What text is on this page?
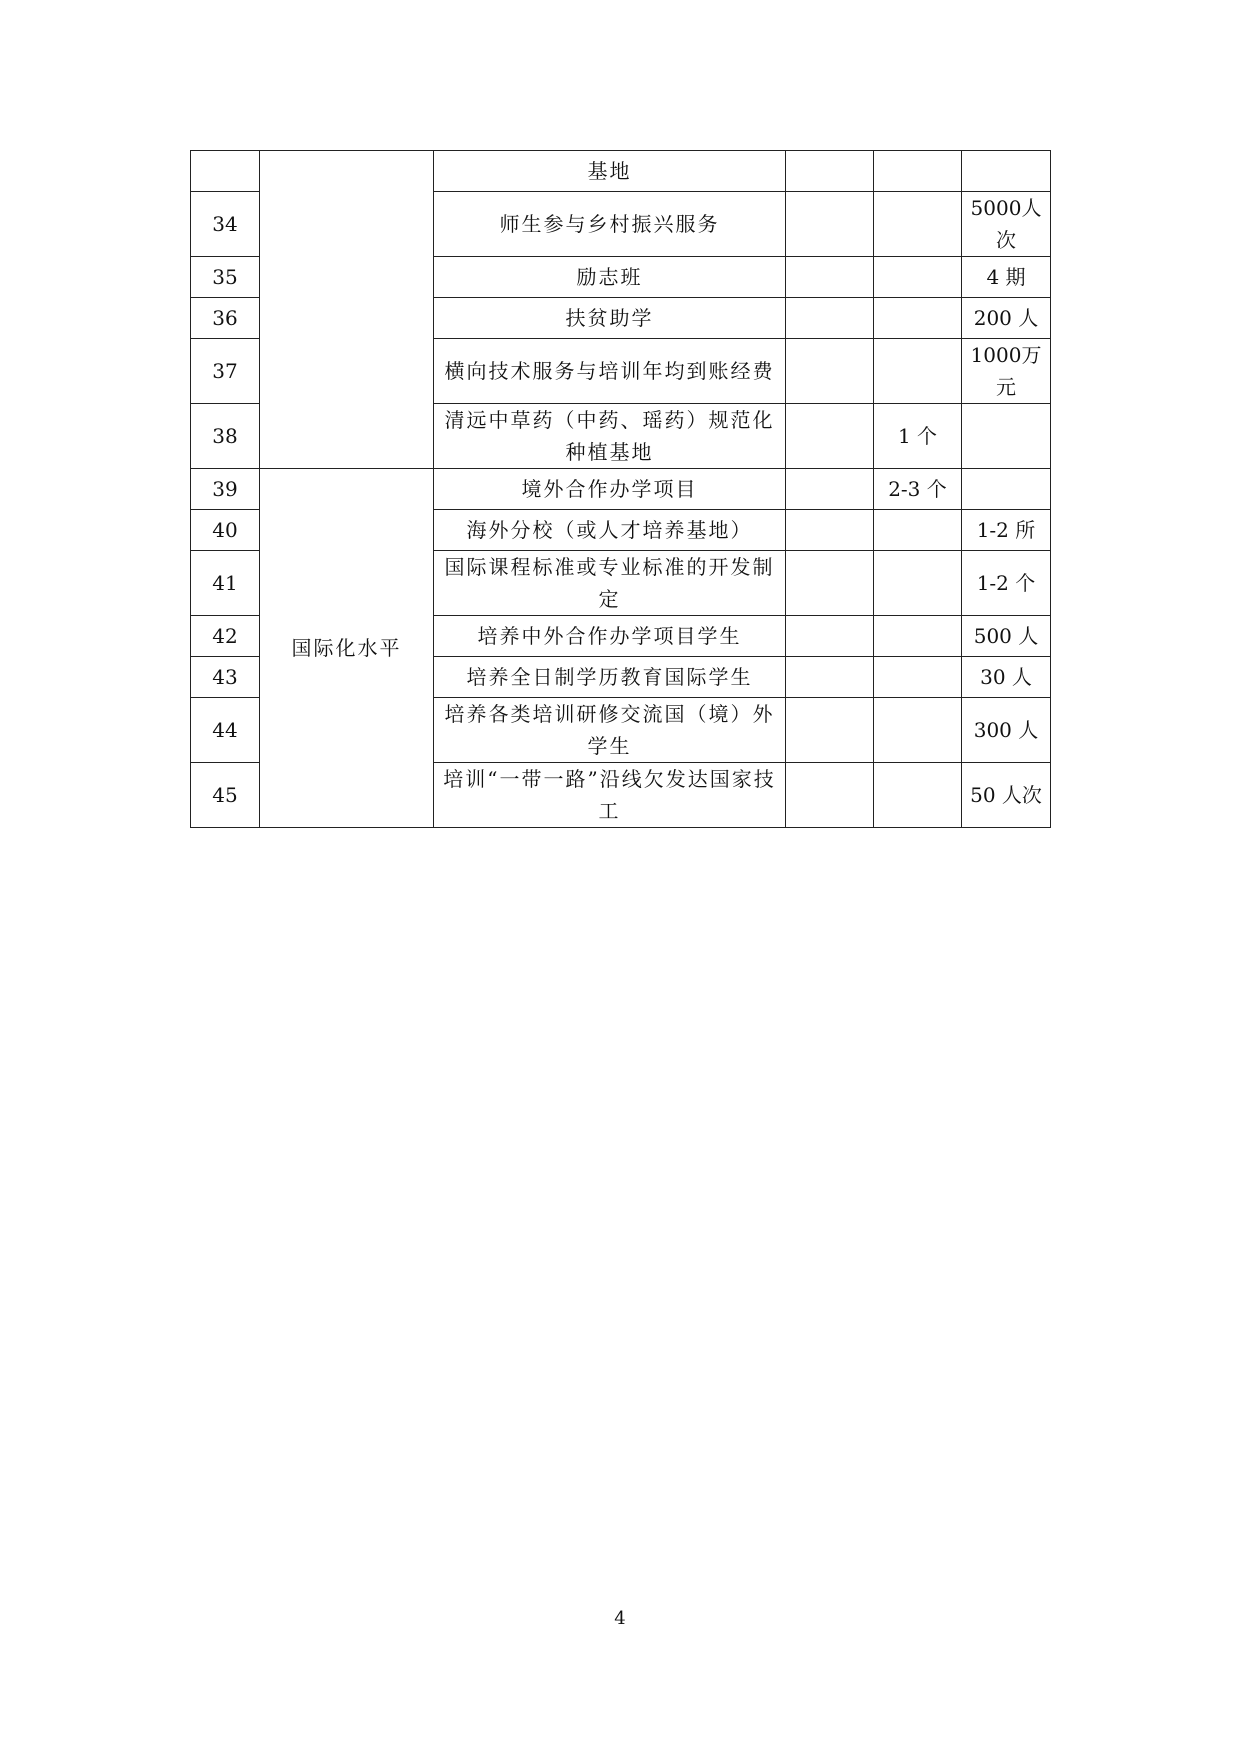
		基地			
34		师生参与乡村振兴服务			5000人次
35		励志班			4 期
36		扶贫助学			200 人
37		横向技术服务与培训年均到账经费			1000万元
38		清远中草药（中药、瑶药）规范化种植基地		1 个	
39	国际化水平	境外合作办学项目		2-3 个	
40		海外分校（或人才培养基地）			1-2 所
41		国际课程标准或专业标准的开发制定			1-2 个
42		培养中外合作办学项目学生			500 人
43		培养全日制学历教育国际学生			30 人
44		培养各类培训研修交流国（境）外学生			300 人
45		培训“一带一路”沿线欠发达国家技工			50 人次
4
